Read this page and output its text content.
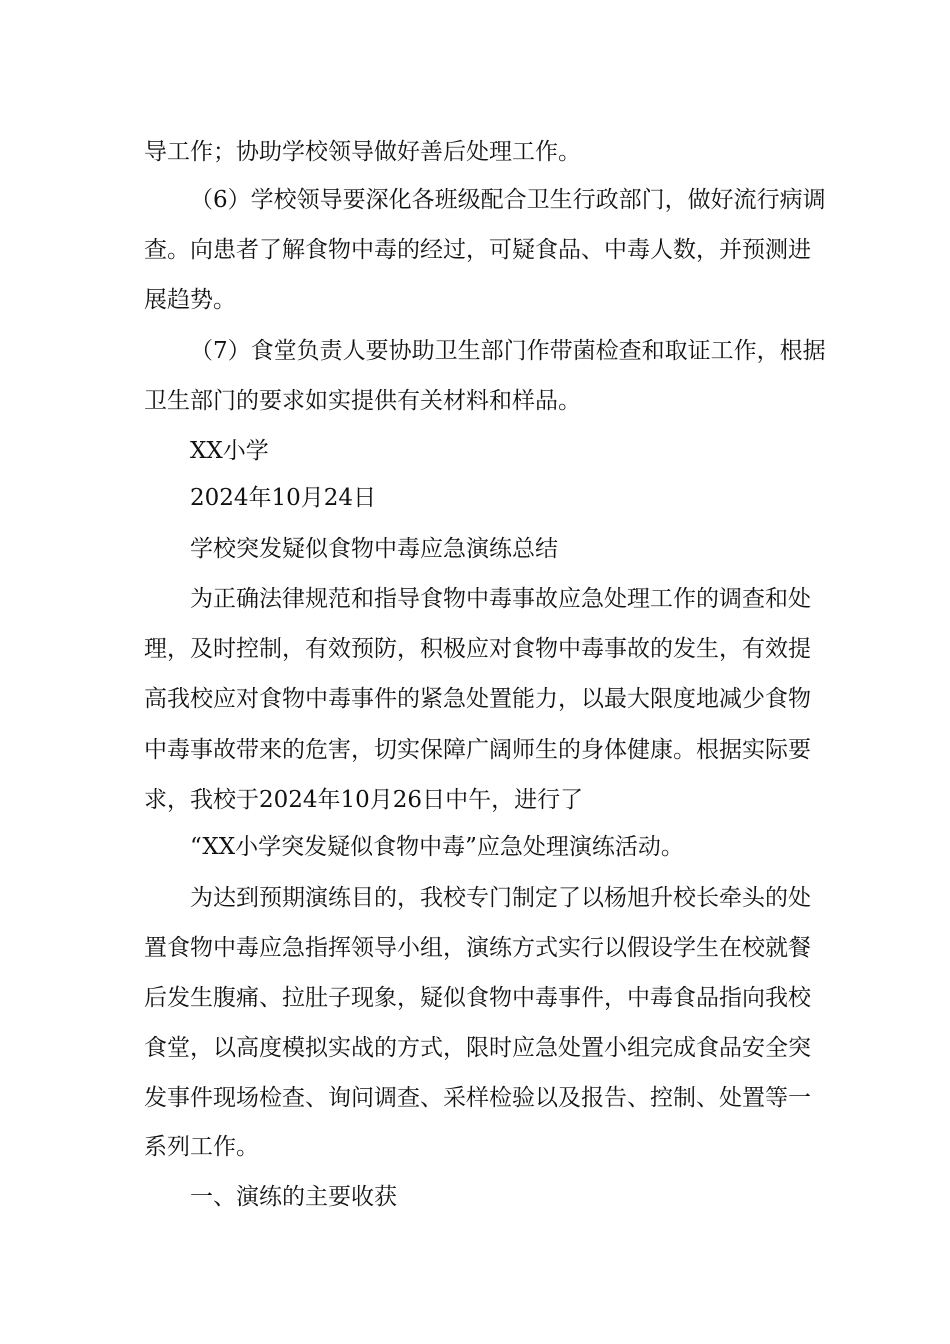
导工作；协助学校领导做好善后处理工作。
（6）学校领导要深化各班级配合卫生行政部门，做好流行病调
查。向患者了解食物中毒的经过，可疑食品、中毒人数，并预测进
展趋势。
（7）食堂负责人要协助卫生部门作带菌检查和取证工作，根据
卫生部门的要求如实提供有关材料和样品。
XX小学
2024年10月24日
学校突发疑似食物中毒应急演练总结
为正确法律规范和指导食物中毒事故应急处理工作的调查和处
理，及时控制，有效预防，积极应对食物中毒事故的发生，有效提
高我校应对食物中毒事件的紧急处置能力，以最大限度地减少食物
中毒事故带来的危害，切实保障广阔师生的身体健康。根据实际要
求，我校于2024年10月26日中午，进行了
“XX小学突发疑似食物中毒”应急处理演练活动。
为达到预期演练目的，我校专门制定了以杨旭升校长牵头的处
置食物中毒应急指挥领导小组，演练方式实行以假设学生在校就餐
后发生腹痛、拉肚子现象，疑似食物中毒事件，中毒食品指向我校
食堂，以高度模拟实战的方式，限时应急处置小组完成食品安全突
发事件现场检查、询问调查、采样检验以及报告、控制、处置等一
系列工作。
一、演练的主要收获
